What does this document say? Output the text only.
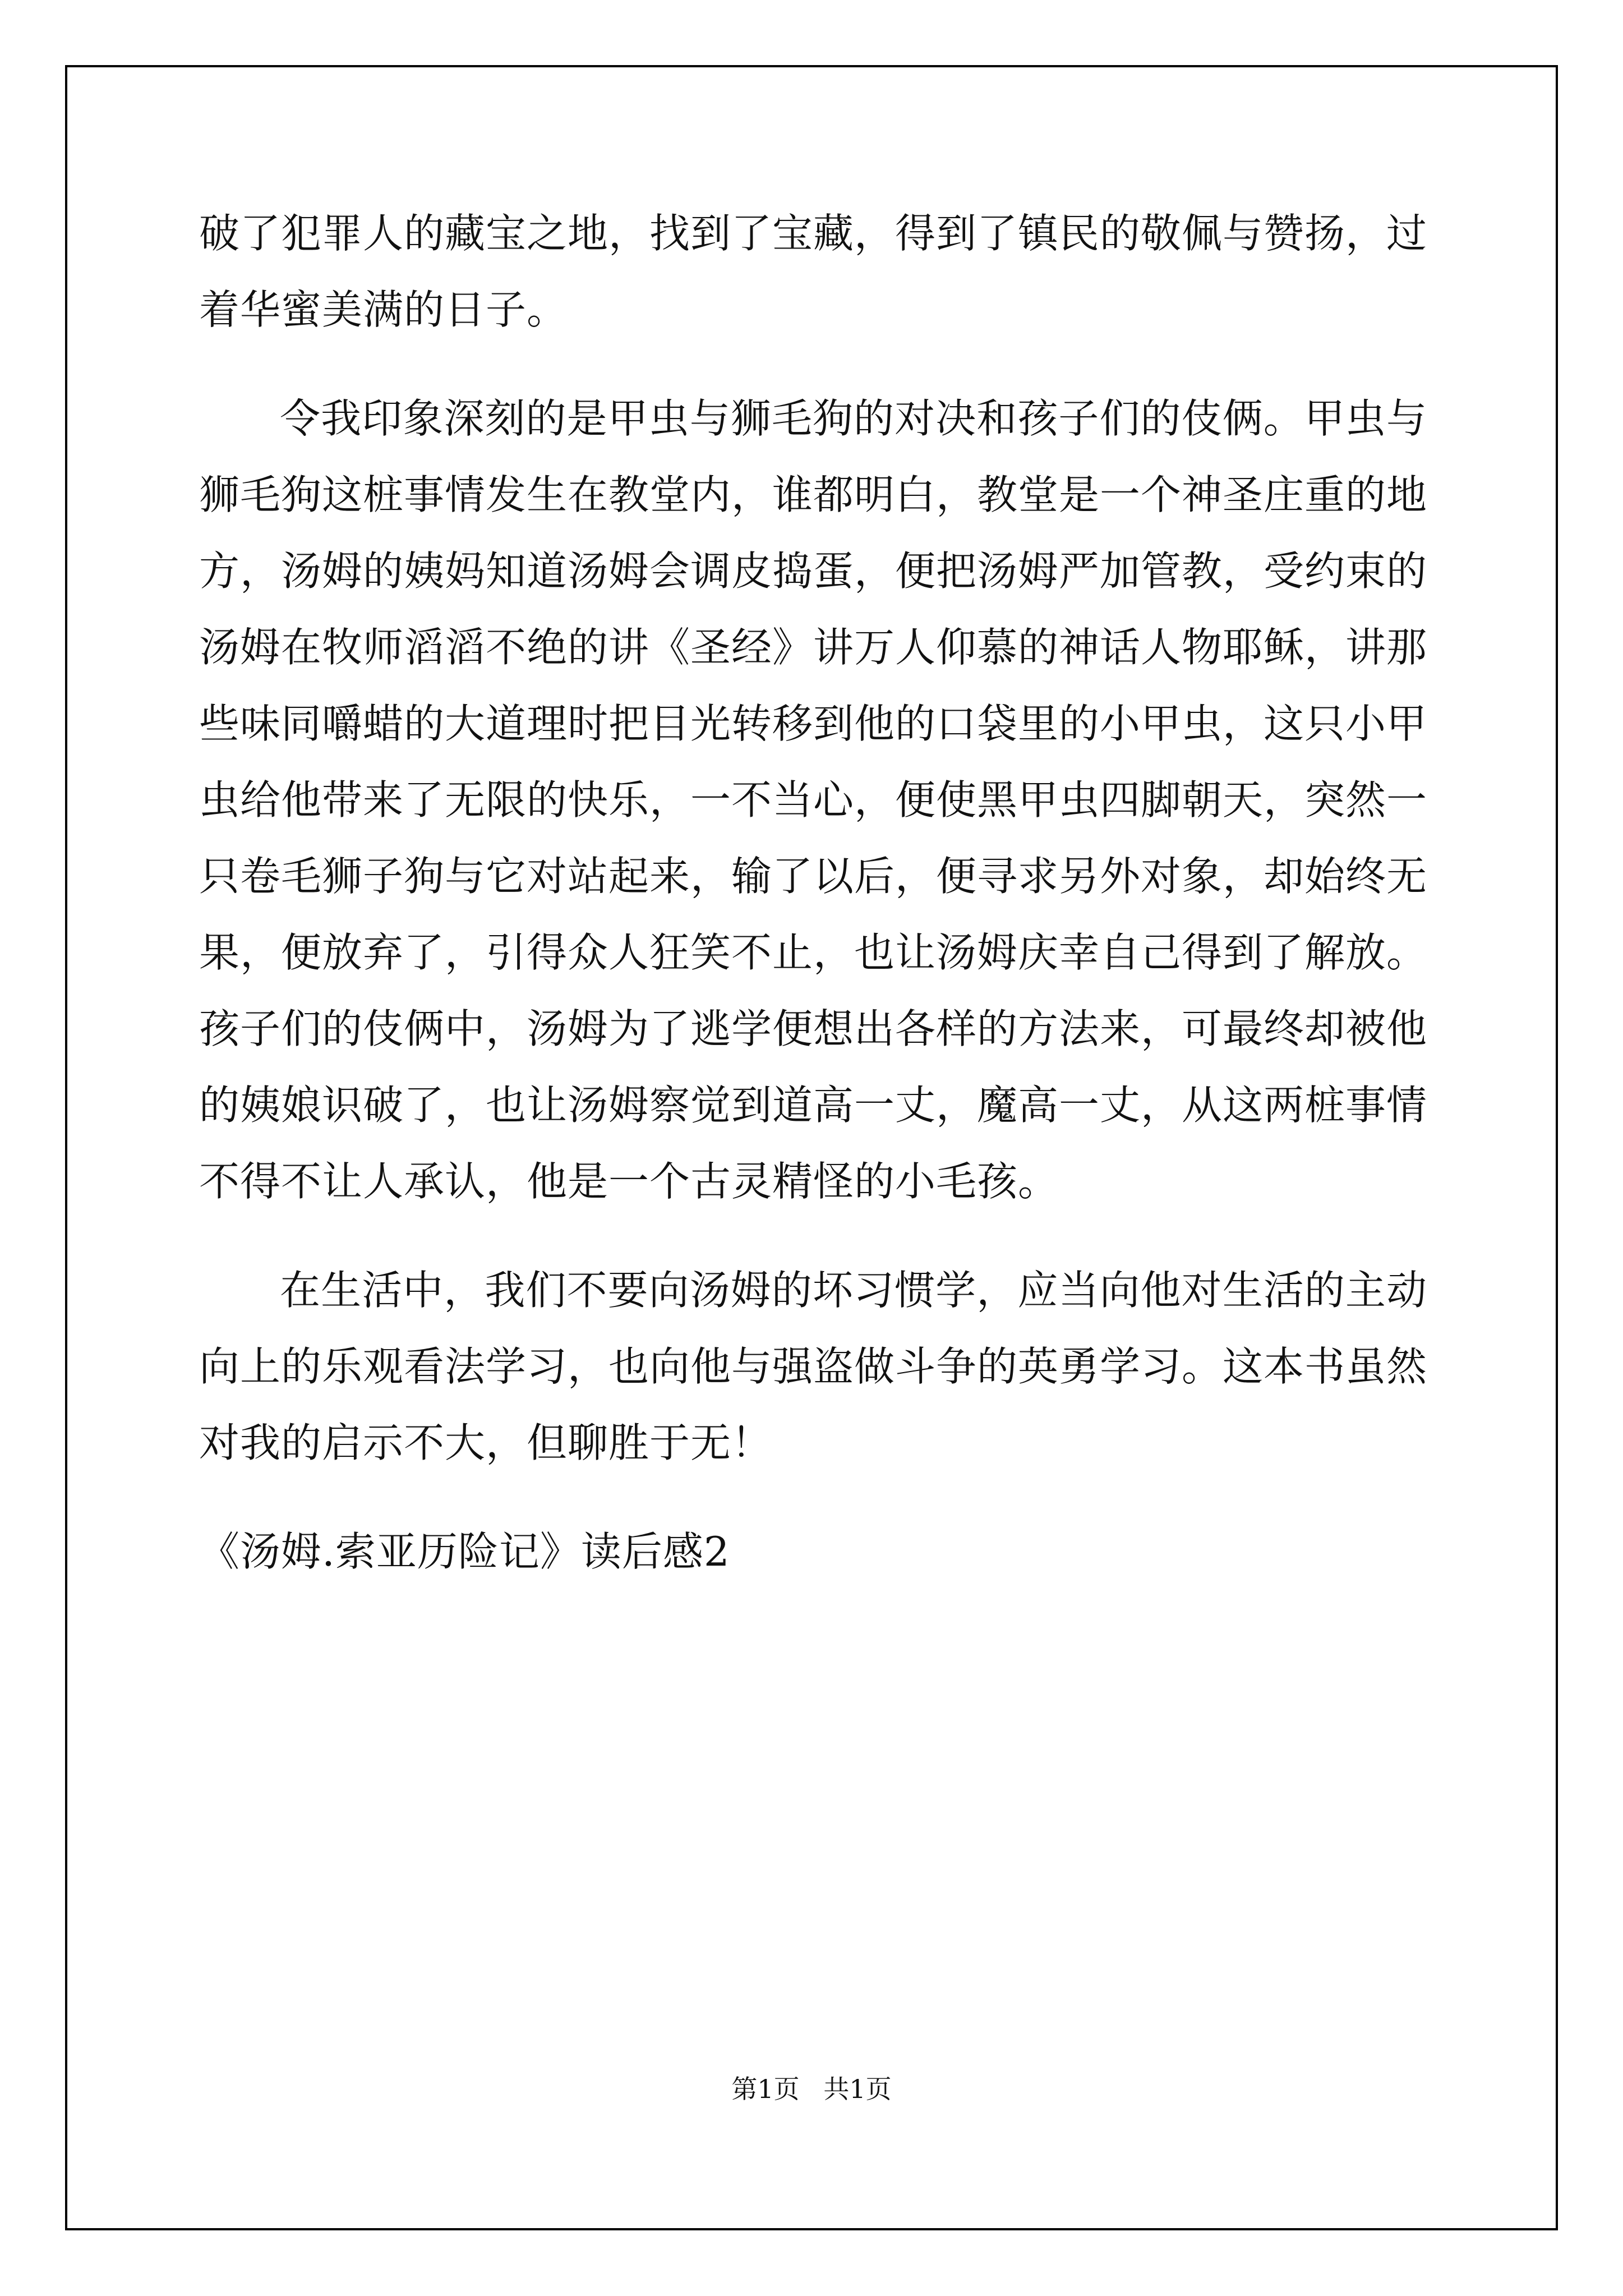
破了犯罪人的藏宝之地，找到了宝藏，得到了镇民的敬佩与赞扬，过着华蜜美满的日子。

令我印象深刻的是甲虫与狮毛狗的对决和孩子们的伎俩。甲虫与狮毛狗这桩事情发生在教堂内，谁都明白，教堂是一个神圣庄重的地方，汤姆的姨妈知道汤姆会调皮捣蛋，便把汤姆严加管教，受约束的汤姆在牧师滔滔不绝的讲《圣经》讲万人仰慕的神话人物耶稣，讲那些味同嚼蜡的大道理时把目光转移到他的口袋里的小甲虫，这只小甲虫给他带来了无限的快乐，一不当心，便使黑甲虫四脚朝天，突然一只卷毛狮子狗与它对站起来，输了以后，便寻求另外对象，却始终无果，便放弃了，引得众人狂笑不止，也让汤姆庆幸自己得到了解放。孩子们的伎俩中，汤姆为了逃学便想出各样的方法来，可最终却被他的姨娘识破了，也让汤姆察觉到道高一丈，魔高一丈，从这两桩事情不得不让人承认，他是一个古灵精怪的小毛孩。

在生活中，我们不要向汤姆的坏习惯学，应当向他对生活的主动向上的乐观看法学习，也向他与强盗做斗争的英勇学习。这本书虽然对我的启示不大，但聊胜于无！

《汤姆.索亚历险记》读后感2

第1页 共1页
